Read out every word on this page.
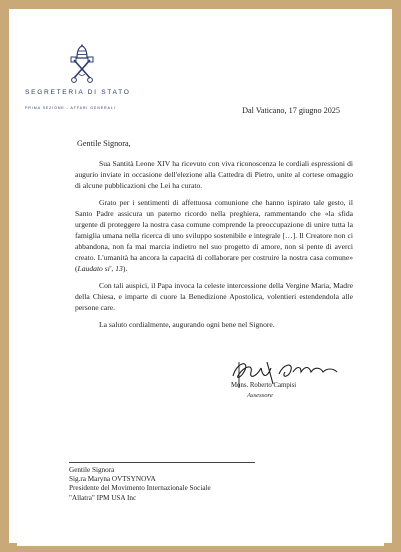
SEGRETERIA DI STATO
PRIMA SEZIONE - AFFARI GENERALI	Dal Vaticano, 17 giugno 2025
Gentile Signora,

Sua Santità Leone XIV ha ricevuto con viva riconoscenza le cordiali espressioni di augurio inviate in occasione dell'elezione alla Cattedra di Pietro, unite al cortese omaggio di alcune pubblicazioni che Lei ha curato.

Grato per i sentimenti di affettuosa comunione che hanno ispirato tale gesto, il Santo Padre assicura un paterno ricordo nella preghiera, rammentando che «la sfida urgente di proteggere la nostra casa comune comprende la preoccupazione di unire tutta la famiglia umana nella ricerca di uno sviluppo sostenibile e integrale […]. Il Creatore non ci abbandona, non fa mai marcia indietro nel suo progetto di amore, non si pente di averci creato. L'umanità ha ancora la capacità di collaborare per costruire la nostra casa comune» (Laudato si', 13).

Con tali auspici, il Papa invoca la celeste intercessione della Vergine Maria, Madre della Chiesa, e imparte di cuore la Benedizione Apostolica, volentieri estendendola alle persone care.

La saluto cordialmente, augurando ogni bene nel Signore.

Mons. Roberto Campisi
Assessore
Gentile Signora
Sig.ra Maryna OVTSYNOVA
Presidente del Movimento Internazionale Sociale
"Allatra" IPM USA Inc
